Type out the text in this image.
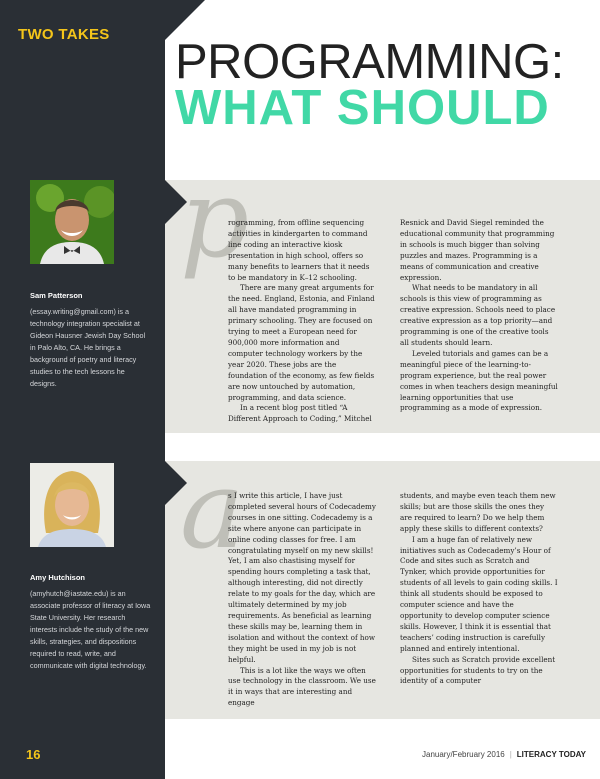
TWO TAKES
PROGRAMMING:
WHAT SHOULD
Sam Patterson
(essay.writing@gmail.com) is a technology integration specialist at Gideon Hausner Jewish Day School in Palo Alto, CA. He brings a background of poetry and literacy studies to the tech lessons he designs.
p

rogramming, from offline sequencing activities in kindergarten to command line coding an interactive kiosk presentation in high school, offers so many benefits to learners that it needs to be mandatory in K–12 schooling.

There are many great arguments for the need. England, Estonia, and Finland all have mandated programming in primary schooling. They are focused on trying to meet a European need for 900,000 more information and computer technology workers by the year 2020. These jobs are the foundation of the economy, as few fields are now untouched by automation, programming, and data science.

In a recent blog post titled “A Different Approach to Coding,” Mitchel

Resnick and David Siegel reminded the educational community that programming in schools is much bigger than solving puzzles and mazes. Programming is a means of communication and creative expression.

What needs to be mandatory in all schools is this view of programming as creative expression. Schools need to place creative expression as a top priority—and programming is one of the creative tools all students should learn.

Leveled tutorials and games can be a meaningful piece of the learning-to-program experience, but the real power comes in when teachers design meaningful learning opportunities that use programming as a mode of expression.

Amy Hutchison
(amyhutch@iastate.edu) is an associate professor of literacy at Iowa State University. Her research interests include the study of the new skills, strategies, and dispositions required to read, write, and communicate with digital technology.
a

s I write this article, I have just completed several hours of Codecademy courses in one sitting. Codecademy is a site where anyone can participate in online coding classes for free. I am congratulating myself on my new skills! Yet, I am also chastising myself for spending hours completing a task that, although interesting, did not directly relate to my goals for the day, which are ultimately determined by my job requirements. As beneficial as learning these skills may be, learning them in isolation and without the context of how they might be used in my job is not helpful.

This is a lot like the ways we often use technology in the classroom. We use it in ways that are interesting and engage

students, and maybe even teach them new skills; but are those skills the ones they are required to learn? Do we help them apply these skills to different contexts?

I am a huge fan of relatively new initiatives such as Codecademy’s Hour of Code and sites such as Scratch and Tynker, which provide opportunities for students of all levels to gain coding skills. I think all students should be exposed to computer science and have the opportunity to develop computer science skills. However, I think it is essential that teachers’ coding instruction is carefully planned and entirely intentional.

Sites such as Scratch provide excellent opportunities for students to try on the identity of a computer

16	January/February 2016 | LITERACY TODAY
